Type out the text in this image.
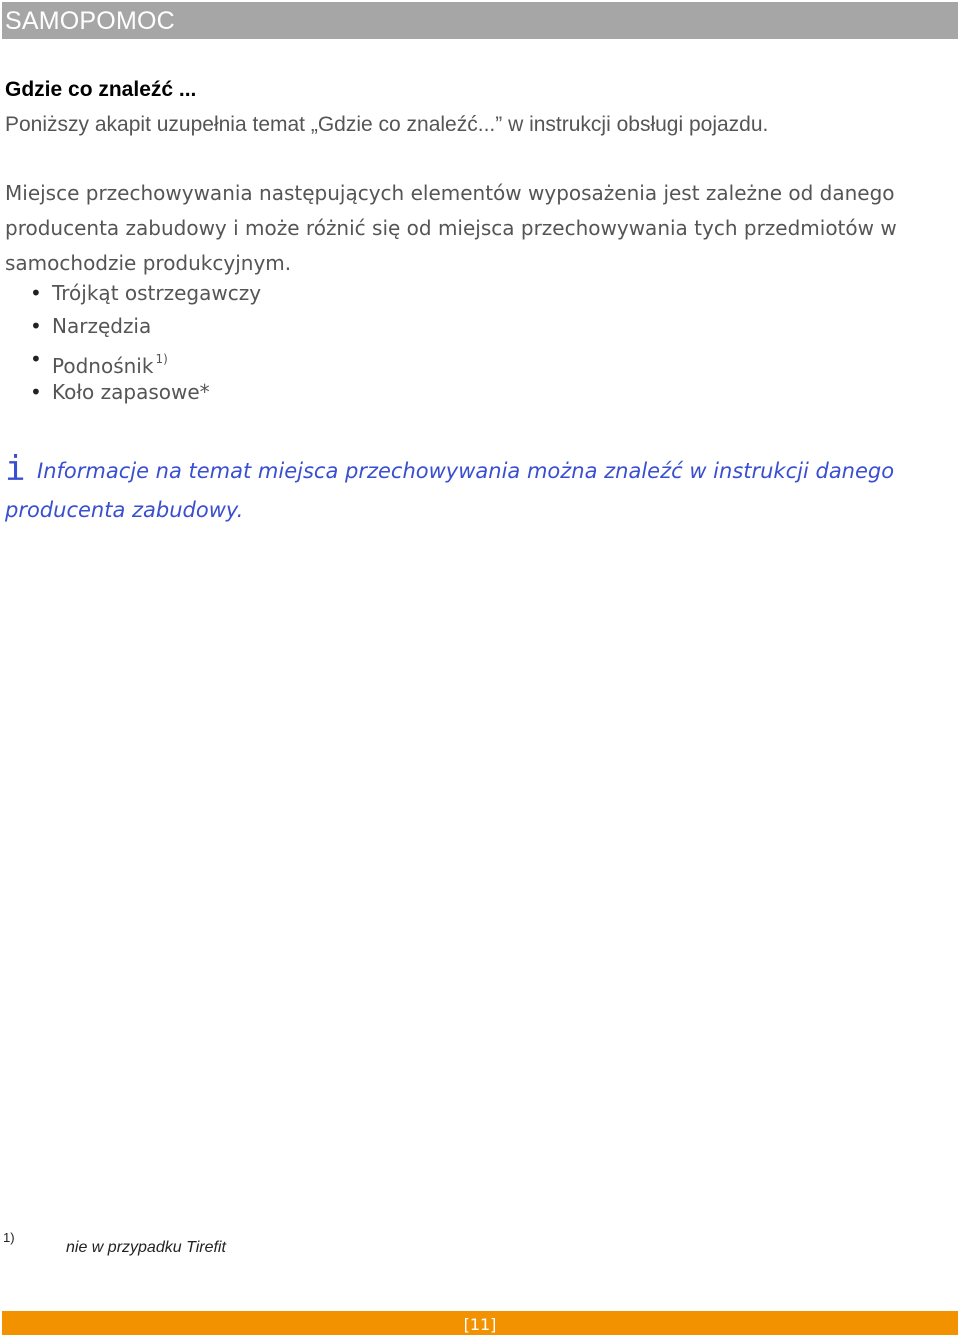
SAMOPOMOC
Gdzie co znaleźć ...
Poniższy akapit uzupełnia temat „Gdzie co znaleźć...” w instrukcji obsługi pojazdu.

Miejsce przechowywania następujących elementów wyposażenia jest zależne od danego producenta zabudowy i może różnić się od miejsca przechowywania tych przedmiotów w samochodzie produkcyjnym.

• Trójkąt ostrzegawczy
• Narzędzia
• Podnośnik $^{1)}$
• Koło zapasowe*
i Informacje na temat miejsca przechowywania można znaleźć w instrukcji danego producenta zabudowy.
1)
nie w przypadku Tirefit
[11]
